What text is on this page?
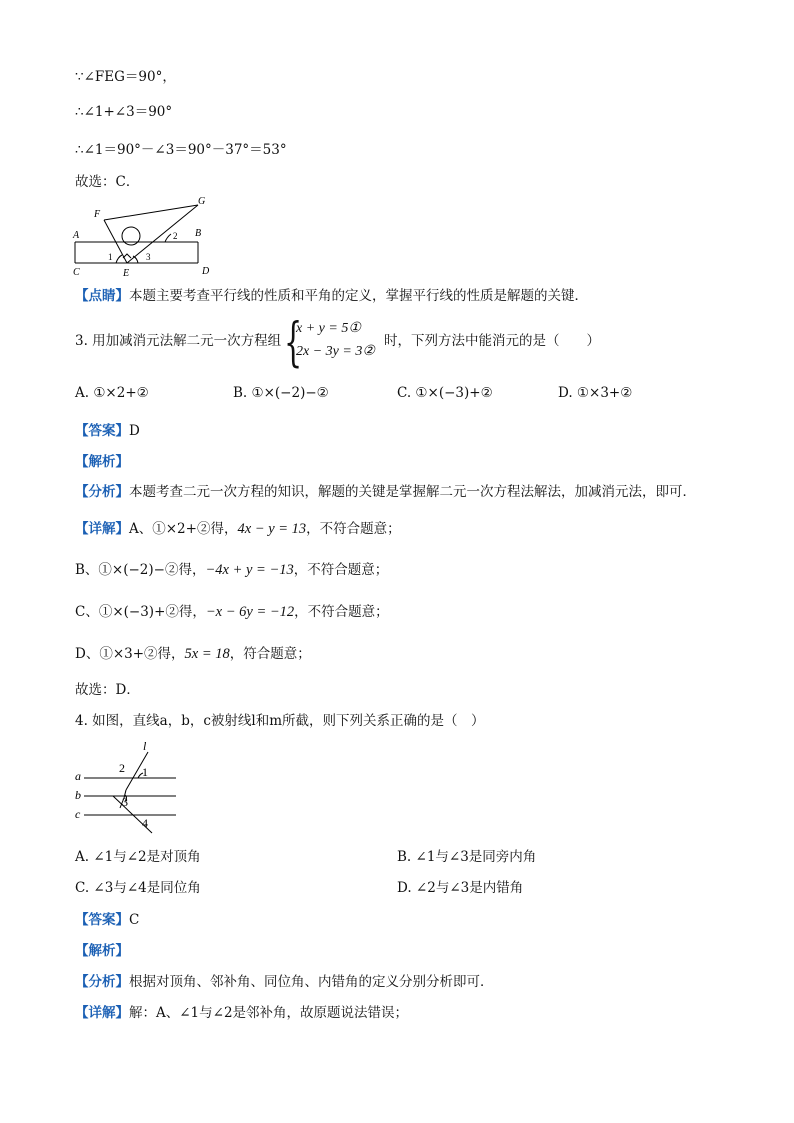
∵∠FEG＝90°，
∴∠1+∠3＝90°
∴∠1＝90°－∠3＝90°－37°＝53°
故选：C．
F
G
A	B
C	D
E
1
2
3
【点睛】本题主要考查平行线的性质和平角的定义，掌握平行线的性质是解题的关键．
3. 用加减消元法解二元一次方程组 {
x + y = 5①
2x − 3y = 3②
时，下列方法中能消元的是（　　）
A. ①×2+②	B. ①×(−2)−②	C. ①×(−3)+②	D. ①×3+②
【答案】D
【解析】
【分析】本题考查二元一次方程的知识，解题的关键是掌握解二元一次方程法解法，加减消元法，即可．
【详解】A、①×2+②得，4x − y = 13，不符合题意；
B、①×(−2)−②得，−4x + y = −13，不符合题意；
C、①×(−3)+②得，−x − 6y = −12，不符合题意；
D、①×3+②得，5x = 18，符合题意；
故选：D．
4. 如图，直线a，b，c被射线l和m所截，则下列关系正确的是（　）
l
a
b
c
1
2
3
4
A. ∠1与∠2是对顶角	B. ∠1与∠3是同旁内角
C. ∠3与∠4是同位角	D. ∠2与∠3是内错角
【答案】C
【解析】
【分析】根据对顶角、邻补角、同位角、内错角的定义分别分析即可．
【详解】解：A、∠1与∠2是邻补角，故原题说法错误；
